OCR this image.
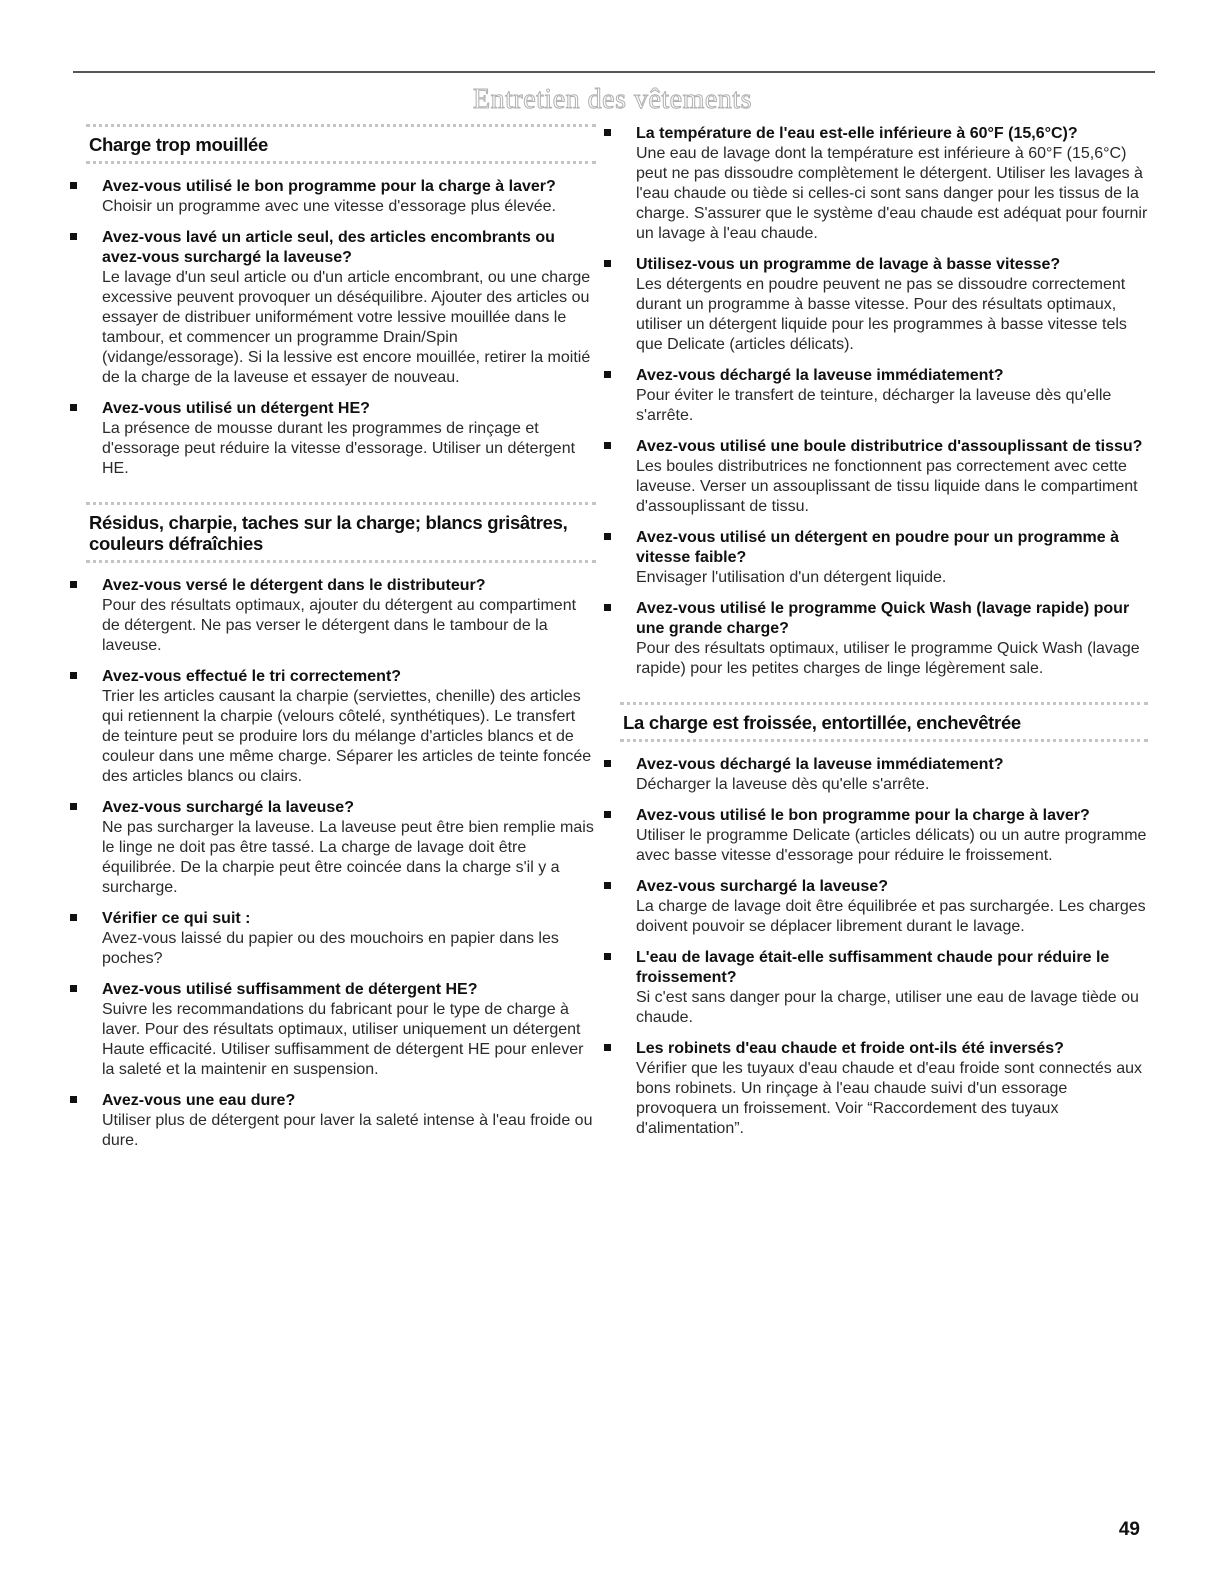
Entretien des vêtements
Charge trop mouillée
Avez-vous utilisé le bon programme pour la charge à laver?
Choisir un programme avec une vitesse d'essorage plus élevée.
Avez-vous lavé un article seul, des articles encombrants ou avez-vous surchargé la laveuse?
Le lavage d'un seul article ou d'un article encombrant, ou une charge excessive peuvent provoquer un déséquilibre. Ajouter des articles ou essayer de distribuer uniformément votre lessive mouillée dans le tambour, et commencer un programme Drain/Spin (vidange/essorage). Si la lessive est encore mouillée, retirer la moitié de la charge de la laveuse et essayer de nouveau.
Avez-vous utilisé un détergent HE?
La présence de mousse durant les programmes de rinçage et d'essorage peut réduire la vitesse d'essorage. Utiliser un détergent HE.
Résidus, charpie, taches sur la charge; blancs grisâtres, couleurs défraîchies
Avez-vous versé le détergent dans le distributeur?
Pour des résultats optimaux, ajouter du détergent au compartiment de détergent. Ne pas verser le détergent dans le tambour de la laveuse.
Avez-vous effectué le tri correctement?
Trier les articles causant la charpie (serviettes, chenille) des articles qui retiennent la charpie (velours côtelé, synthétiques). Le transfert de teinture peut se produire lors du mélange d'articles blancs et de couleur dans une même charge. Séparer les articles de teinte foncée des articles blancs ou clairs.
Avez-vous surchargé la laveuse?
Ne pas surcharger la laveuse. La laveuse peut être bien remplie mais le linge ne doit pas être tassé. La charge de lavage doit être équilibrée. De la charpie peut être coincée dans la charge s'il y a surcharge.
Vérifier ce qui suit :
Avez-vous laissé du papier ou des mouchoirs en papier dans les poches?
Avez-vous utilisé suffisamment de détergent HE?
Suivre les recommandations du fabricant pour le type de charge à laver. Pour des résultats optimaux, utiliser uniquement un détergent Haute efficacité. Utiliser suffisamment de détergent HE pour enlever la saleté et la maintenir en suspension.
Avez-vous une eau dure?
Utiliser plus de détergent pour laver la saleté intense à l'eau froide ou dure.
La température de l'eau est-elle inférieure à 60°F (15,6°C)?
Une eau de lavage dont la température est inférieure à 60°F (15,6°C) peut ne pas dissoudre complètement le détergent. Utiliser les lavages à l'eau chaude ou tiède si celles-ci sont sans danger pour les tissus de la charge. S'assurer que le système d'eau chaude est adéquat pour fournir un lavage à l'eau chaude.
Utilisez-vous un programme de lavage à basse vitesse?
Les détergents en poudre peuvent ne pas se dissoudre correctement durant un programme à basse vitesse. Pour des résultats optimaux, utiliser un détergent liquide pour les programmes à basse vitesse tels que Delicate (articles délicats).
Avez-vous déchargé la laveuse immédiatement?
Pour éviter le transfert de teinture, décharger la laveuse dès qu'elle s'arrête.
Avez-vous utilisé une boule distributrice d'assouplissant de tissu?
Les boules distributrices ne fonctionnent pas correctement avec cette laveuse. Verser un assouplissant de tissu liquide dans le compartiment d'assouplissant de tissu.
Avez-vous utilisé un détergent en poudre pour un programme à vitesse faible?
Envisager l'utilisation d'un détergent liquide.
Avez-vous utilisé le programme Quick Wash (lavage rapide) pour une grande charge?
Pour des résultats optimaux, utiliser le programme Quick Wash (lavage rapide) pour les petites charges de linge légèrement sale.
La charge est froissée, entortillée, enchevêtrée
Avez-vous déchargé la laveuse immédiatement?
Décharger la laveuse dès qu'elle s'arrête.
Avez-vous utilisé le bon programme pour la charge à laver?
Utiliser le programme Delicate (articles délicats) ou un autre programme avec basse vitesse d'essorage pour réduire le froissement.
Avez-vous surchargé la laveuse?
La charge de lavage doit être équilibrée et pas surchargée. Les charges doivent pouvoir se déplacer librement durant le lavage.
L'eau de lavage était-elle suffisamment chaude pour réduire le froissement?
Si c'est sans danger pour la charge, utiliser une eau de lavage tiède ou chaude.
Les robinets d'eau chaude et froide ont-ils été inversés?
Vérifier que les tuyaux d'eau chaude et d'eau froide sont connectés aux bons robinets. Un rinçage à l'eau chaude suivi d'un essorage provoquera un froissement. Voir “Raccordement des tuyaux d'alimentation”.
49
